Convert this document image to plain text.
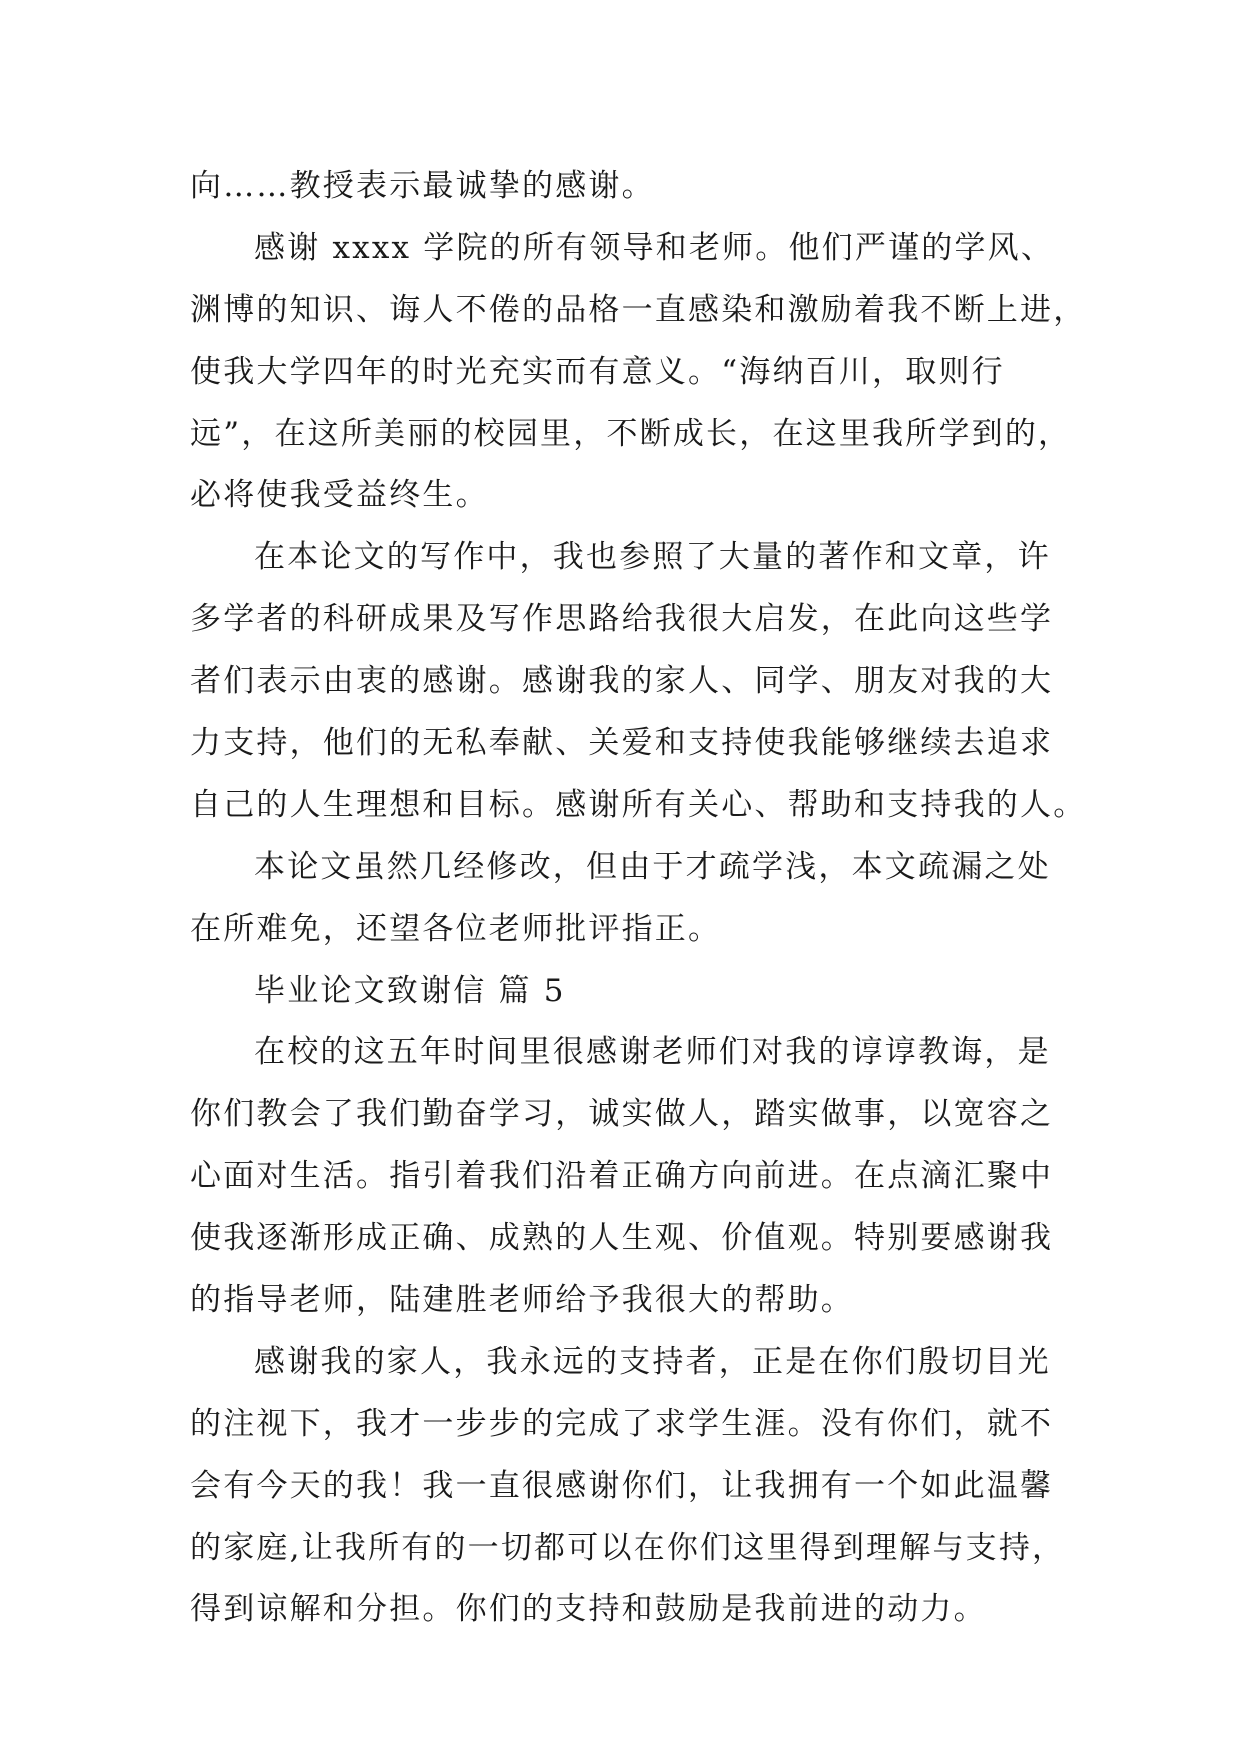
向……教授表示最诚挚的感谢。
感谢 xxxx 学院的所有领导和老师。他们严谨的学风、
渊博的知识、诲人不倦的品格一直感染和激励着我不断上进，
使我大学四年的时光充实而有意义。“海纳百川，取则行
远”，在这所美丽的校园里，不断成长，在这里我所学到的，
必将使我受益终生。
在本论文的写作中，我也参照了大量的著作和文章，许
多学者的科研成果及写作思路给我很大启发，在此向这些学
者们表示由衷的感谢。感谢我的家人、同学、朋友对我的大
力支持，他们的无私奉献、关爱和支持使我能够继续去追求
自己的人生理想和目标。感谢所有关心、帮助和支持我的人。
本论文虽然几经修改，但由于才疏学浅，本文疏漏之处
在所难免，还望各位老师批评指正。
毕业论文致谢信 篇 5
在校的这五年时间里很感谢老师们对我的谆谆教诲，是
你们教会了我们勤奋学习，诚实做人，踏实做事，以宽容之
心面对生活。指引着我们沿着正确方向前进。在点滴汇聚中
使我逐渐形成正确、成熟的人生观、价值观。特别要感谢我
的指导老师，陆建胜老师给予我很大的帮助。
感谢我的家人，我永远的支持者，正是在你们殷切目光
的注视下，我才一步步的完成了求学生涯。没有你们，就不
会有今天的我！我一直很感谢你们，让我拥有一个如此温馨
的家庭,让我所有的一切都可以在你们这里得到理解与支持，
得到谅解和分担。你们的支持和鼓励是我前进的动力。
